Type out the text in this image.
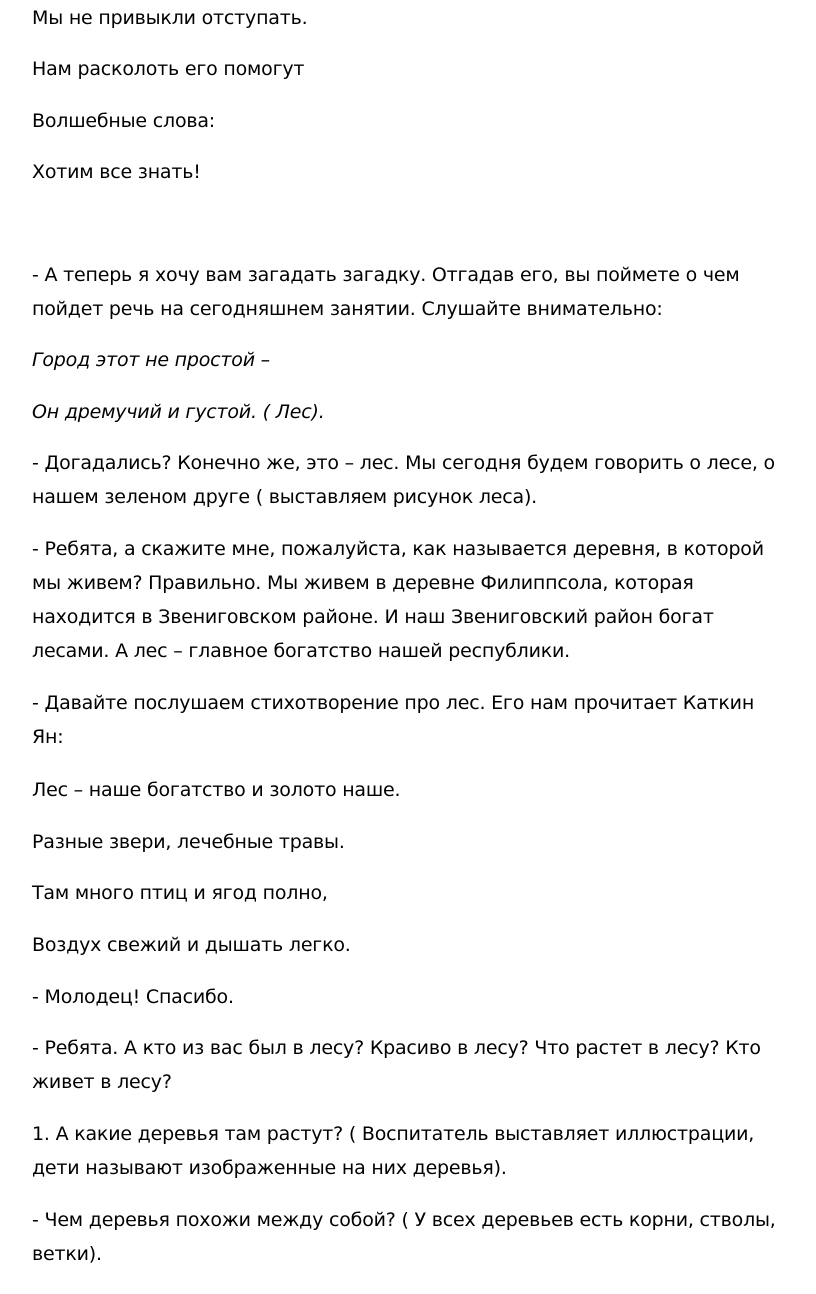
Мы не привыкли отступать.

Нам расколоть его помогут

Волшебные слова:

Хотим все знать!

- А теперь я хочу вам загадать загадку. Отгадав его, вы поймете о чем
пойдет речь на сегодняшнем занятии. Слушайте внимательно:

Город этот не простой –

Он дремучий и густой. ( Лес).

- Догадались? Конечно же, это – лес. Мы сегодня будем говорить о лесе, о
нашем зеленом друге ( выставляем рисунок леса).

- Ребята, а скажите мне, пожалуйста, как называется деревня, в которой
мы живем? Правильно. Мы живем в деревне Филиппсола, которая
находится в Звениговском районе. И наш Звениговский район богат
лесами. А лес – главное богатство нашей республики.

- Давайте послушаем стихотворение про лес. Его нам прочитает Каткин
Ян:

Лес – наше богатство и золото наше.

Разные звери, лечебные травы.

Там много птиц и ягод полно,

Воздух свежий и дышать легко.

- Молодец! Спасибо.

- Ребята. А кто из вас был в лесу? Красиво в лесу? Что растет в лесу? Кто
живет в лесу?

1. А какие деревья там растут? ( Воспитатель выставляет иллюстрации,
дети называют изображенные на них деревья).

- Чем деревья похожи между собой? ( У всех деревьев есть корни, стволы,
ветки).
